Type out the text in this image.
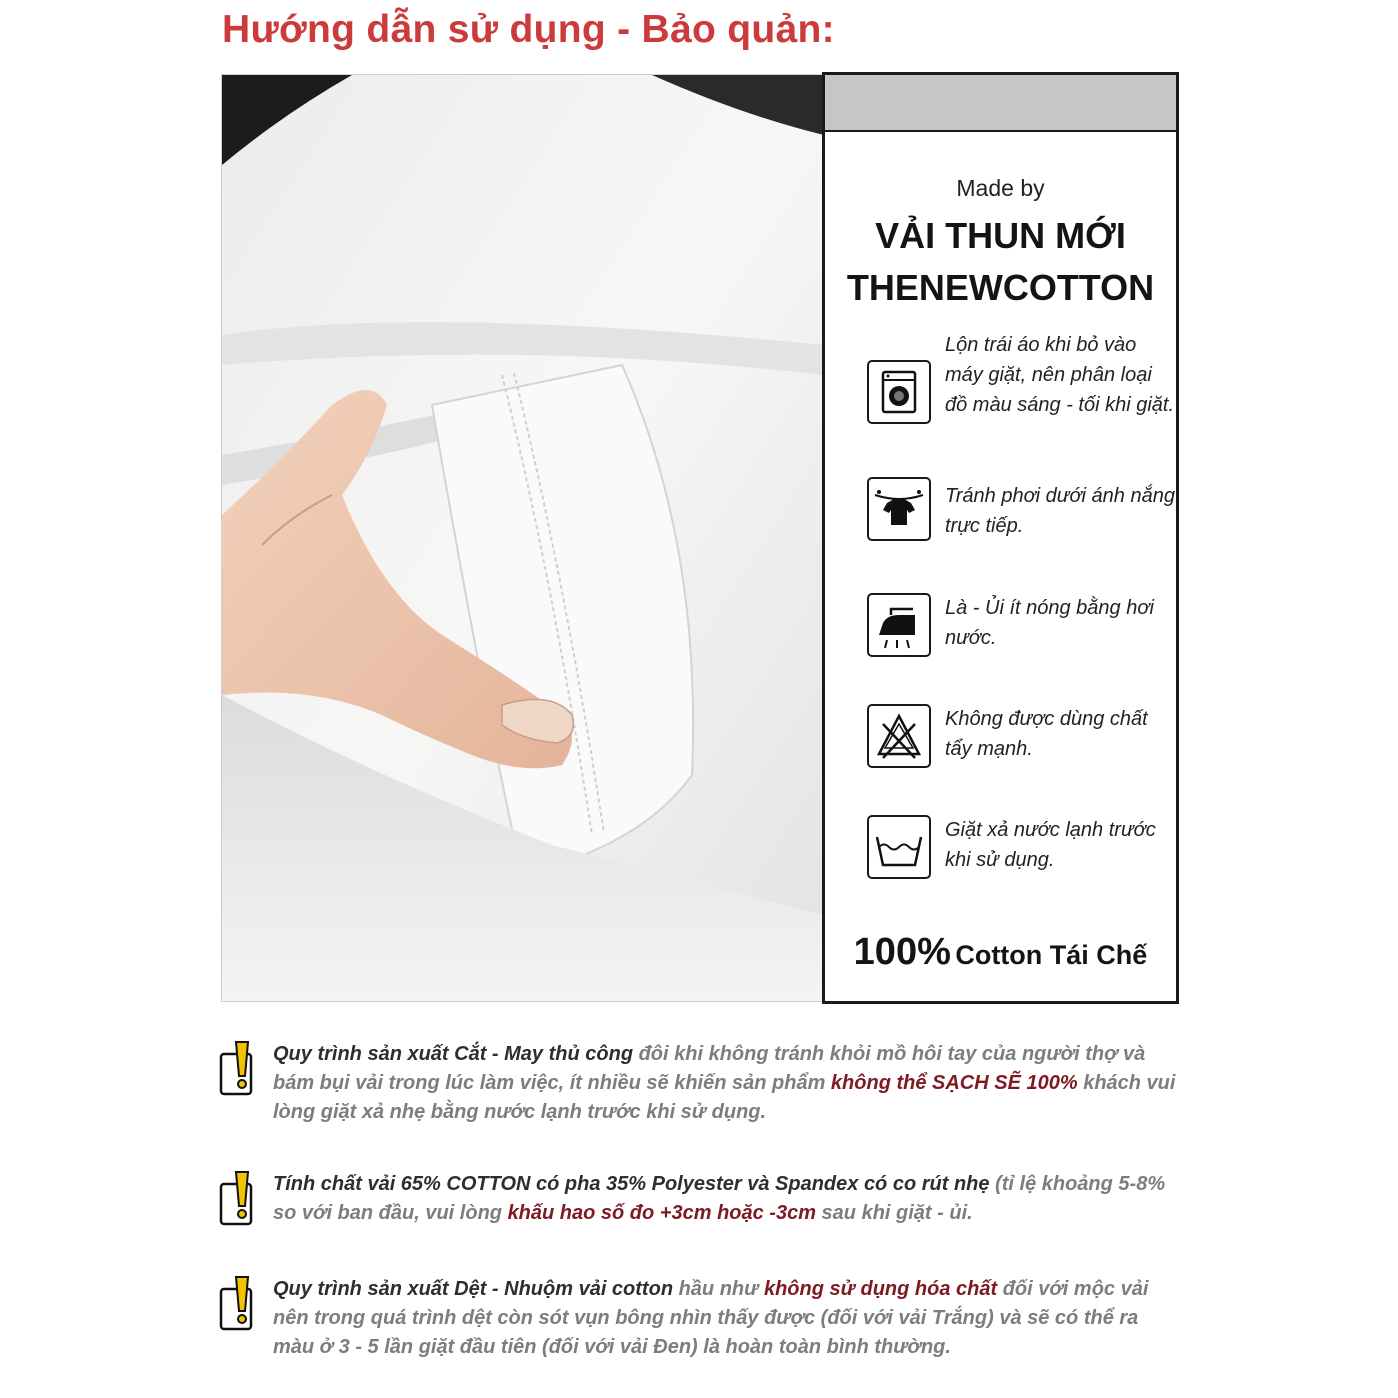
Hướng dẫn sử dụng - Bảo quản:
Made by
VẢI THUN MỚI
THENEWCOTTON
Lộn trái áo khi bỏ vào máy giặt, nên phân loại đồ màu sáng - tối khi giặt.
Tránh phơi dưới ánh nắng trực tiếp.
Là - Ủi ít nóng bằng hơi nước.
Không được dùng chất tẩy mạnh.
Giặt xả nước lạnh trước khi sử dụng.
100% Cotton Tái Chế
Quy trình sản xuất Cắt - May thủ công đôi khi không tránh khỏi mồ hôi tay của người thợ và bám bụi vải trong lúc làm việc, ít nhiều sẽ khiến sản phẩm không thể SẠCH SẼ 100% khách vui lòng giặt xả nhẹ bằng nước lạnh trước khi sử dụng.
Tính chất vải 65% COTTON có pha 35% Polyester và Spandex có co rút nhẹ (tỉ lệ khoảng 5-8% so với ban đầu, vui lòng khấu hao số đo +3cm hoặc -3cm sau khi giặt - ủi.
Quy trình sản xuất Dệt - Nhuộm vải cotton hầu như không sử dụng hóa chất đối với mộc vải nên trong quá trình dệt còn sót vụn bông nhìn thấy được (đối với vải Trắng) và sẽ có thể ra màu ở 3 - 5 lần giặt đầu tiên (đối với vải Đen) là hoàn toàn bình thường.
